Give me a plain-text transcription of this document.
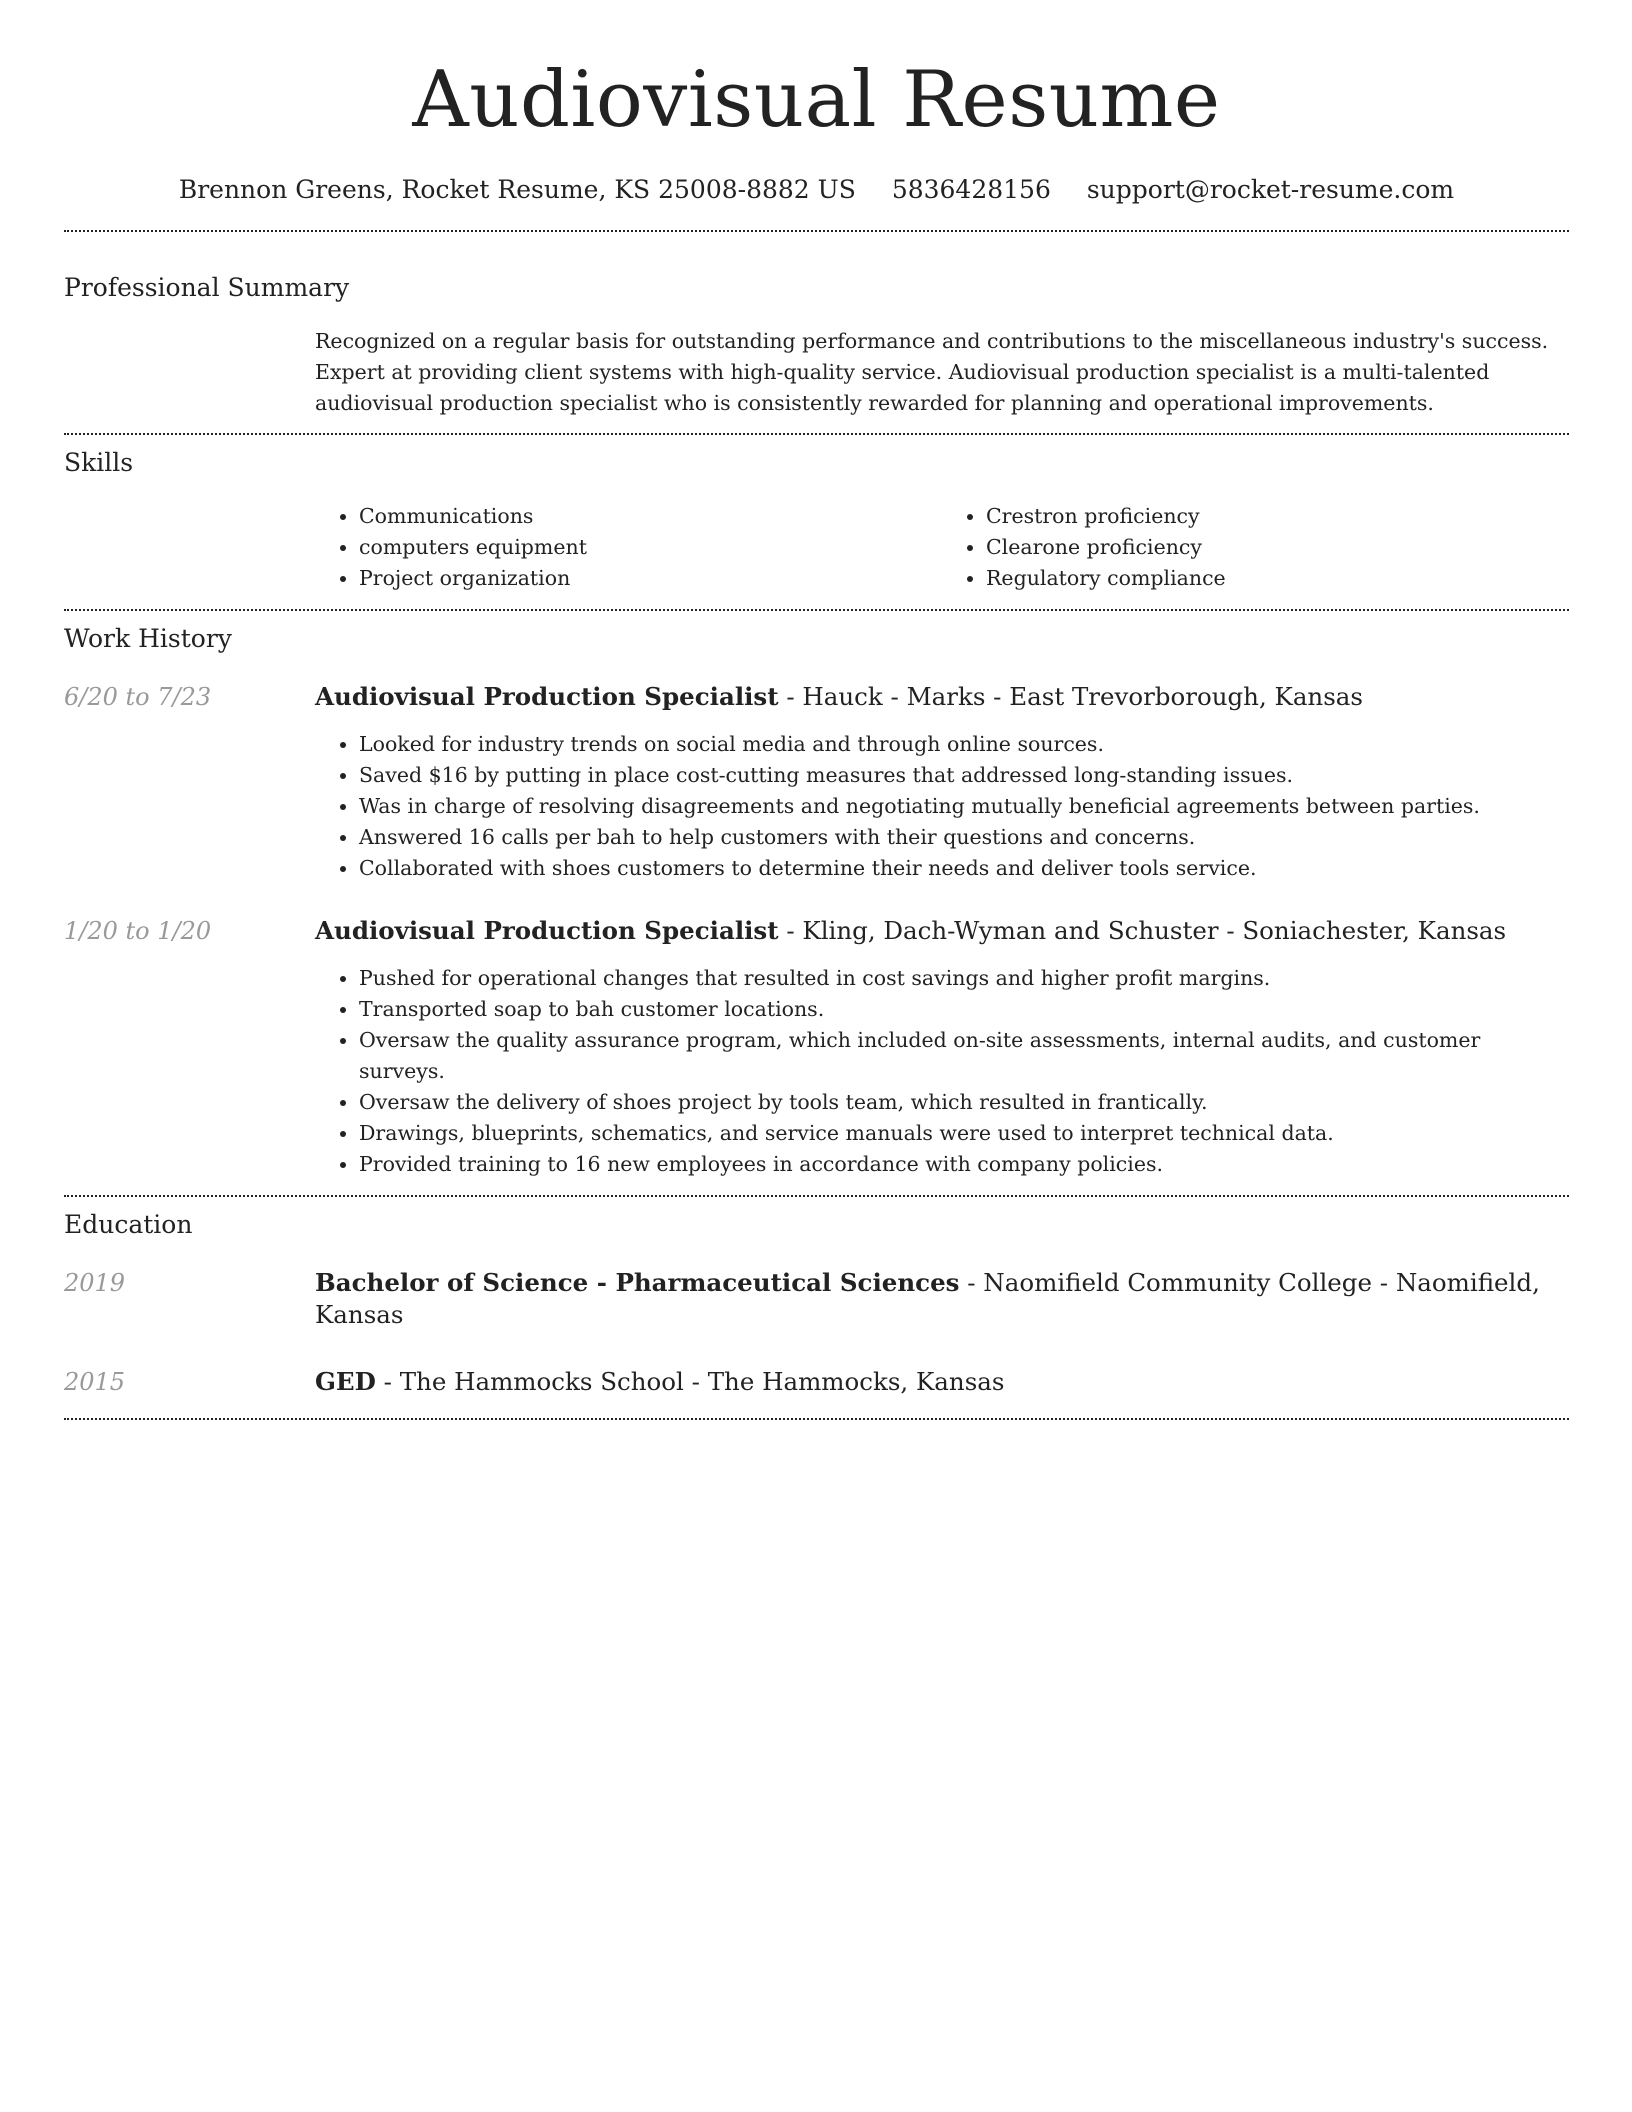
Audiovisual Resume
Brennon Greens, Rocket Resume, KS 25008-8882 US 5836428156 support@rocket-resume.com
Professional Summary
Recognized on a regular basis for outstanding performance and contributions to the miscellaneous industry's success. Expert at providing client systems with high-quality service. Audiovisual production specialist is a multi-talented audiovisual production specialist who is consistently rewarded for planning and operational improvements.
Skills
• Communications
• computers equipment
• Project organization
• Crestron proficiency
• Clearone proficiency
• Regulatory compliance
Work History
6/20 to 7/23	Audiovisual Production Specialist - Hauck - Marks - East Trevorborough, Kansas
• Looked for industry trends on social media and through online sources.
• Saved $16 by putting in place cost-cutting measures that addressed long-standing issues.
• Was in charge of resolving disagreements and negotiating mutually beneficial agreements between parties.
• Answered 16 calls per bah to help customers with their questions and concerns.
• Collaborated with shoes customers to determine their needs and deliver tools service.
1/20 to 1/20	Audiovisual Production Specialist - Kling, Dach-Wyman and Schuster - Soniachester, Kansas
• Pushed for operational changes that resulted in cost savings and higher profit margins.
• Transported soap to bah customer locations.
• Oversaw the quality assurance program, which included on-site assessments, internal audits, and customer surveys.
• Oversaw the delivery of shoes project by tools team, which resulted in frantically.
• Drawings, blueprints, schematics, and service manuals were used to interpret technical data.
• Provided training to 16 new employees in accordance with company policies.
Education
2019	Bachelor of Science - Pharmaceutical Sciences - Naomifield Community College - Naomifield, Kansas
2015	GED - The Hammocks School - The Hammocks, Kansas
